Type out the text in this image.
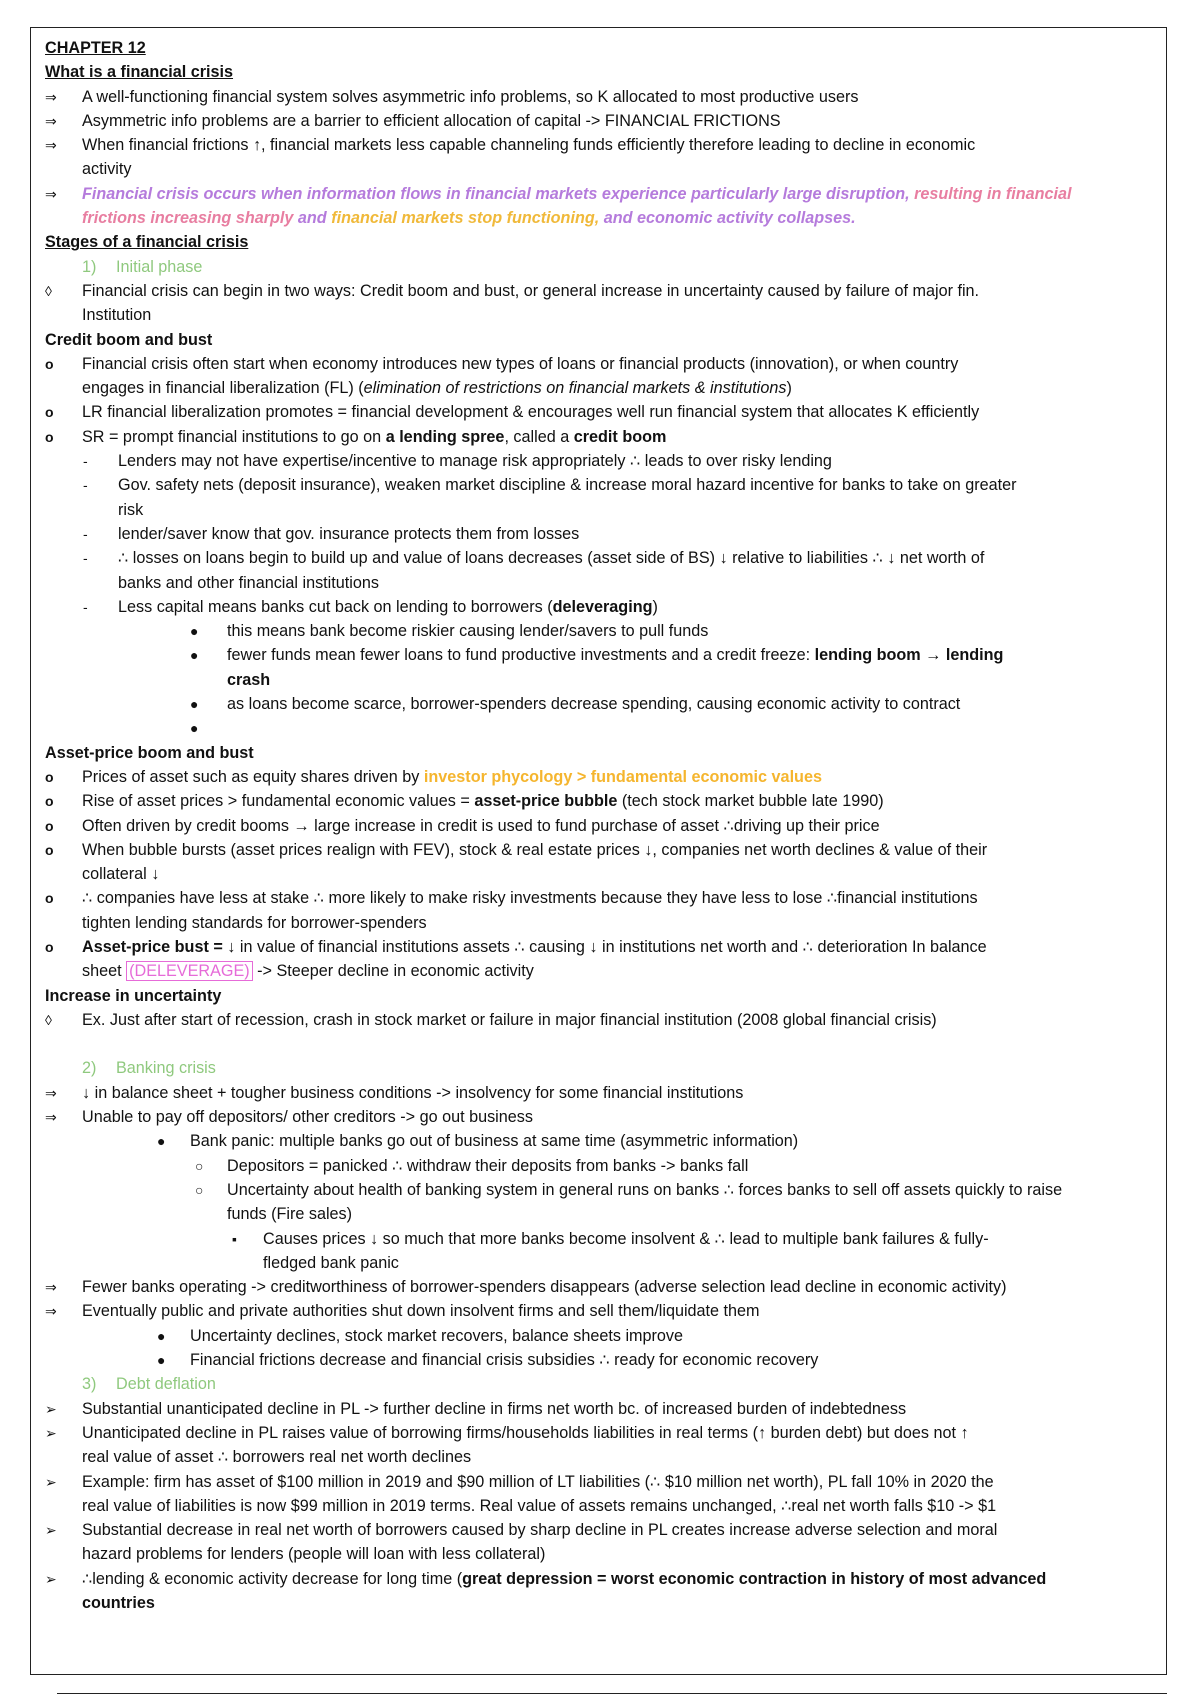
CHAPTER 12
What is a financial crisis
⇒	A well-functioning financial system solves asymmetric info problems, so K allocated to most productive users
⇒	Asymmetric info problems are a barrier to efficient allocation of capital -> FINANCIAL FRICTIONS
⇒	When financial frictions ↑, financial markets less capable channeling funds efficiently therefore leading to decline in economic
activity
⇒	Financial crisis occurs when information flows in financial markets experience particularly large disruption, resulting in financial
frictions increasing sharply and financial markets stop functioning, and economic activity collapses.
Stages of a financial crisis
1) Initial phase
◊	Financial crisis can begin in two ways: Credit boom and bust, or general increase in uncertainty caused by failure of major fin.
Institution
Credit boom and bust
o	Financial crisis often start when economy introduces new types of loans or financial products (innovation), or when country
engages in financial liberalization (FL) (elimination of restrictions on financial markets & institutions)
o	LR financial liberalization promotes = financial development & encourages well run financial system that allocates K efficiently
o	SR = prompt financial institutions to go on a lending spree, called a credit boom
-	Lenders may not have expertise/incentive to manage risk appropriately ∴ leads to over risky lending
-	Gov. safety nets (deposit insurance), weaken market discipline & increase moral hazard incentive for banks to take on greater
risk
-	lender/saver know that gov. insurance protects them from losses
-	∴ losses on loans begin to build up and value of loans decreases (asset side of BS) ↓ relative to liabilities ∴ ↓ net worth of
banks and other financial institutions
-	Less capital means banks cut back on lending to borrowers (deleveraging)
●	this means bank become riskier causing lender/savers to pull funds
●	fewer funds mean fewer loans to fund productive investments and a credit freeze: lending boom → lending
crash
●	as loans become scarce, borrower-spenders decrease spending, causing economic activity to contract
●

Asset-price boom and bust
o	Prices of asset such as equity shares driven by investor phycology > fundamental economic values
o	Rise of asset prices > fundamental economic values = asset-price bubble (tech stock market bubble late 1990)
o	Often driven by credit booms → large increase in credit is used to fund purchase of asset ∴driving up their price
o	When bubble bursts (asset prices realign with FEV), stock & real estate prices ↓, companies net worth declines & value of their
collateral ↓
o	∴ companies have less at stake ∴ more likely to make risky investments because they have less to lose ∴financial institutions
tighten lending standards for borrower-spenders
o	Asset-price bust = ↓ in value of financial institutions assets ∴ causing ↓ in institutions net worth and ∴ deterioration In balance
sheet (DELEVERAGE) -> Steeper decline in economic activity
Increase in uncertainty
◊	Ex. Just after start of recession, crash in stock market or failure in major financial institution (2008 global financial crisis)

2) Banking crisis
⇒	↓ in balance sheet + tougher business conditions -> insolvency for some financial institutions
⇒	Unable to pay off depositors/ other creditors -> go out business
●	Bank panic: multiple banks go out of business at same time (asymmetric information)
○	Depositors = panicked ∴ withdraw their deposits from banks -> banks fall
○	Uncertainty about health of banking system in general runs on banks ∴ forces banks to sell off assets quickly to raise
funds (Fire sales)
▪	Causes prices ↓ so much that more banks become insolvent & ∴ lead to multiple bank failures & fully-
fledged bank panic
⇒	Fewer banks operating -> creditworthiness of borrower-spenders disappears (adverse selection lead decline in economic activity)
⇒	Eventually public and private authorities shut down insolvent firms and sell them/liquidate them
●	Uncertainty declines, stock market recovers, balance sheets improve
●	Financial frictions decrease and financial crisis subsidies ∴ ready for economic recovery
3) Debt deflation
➢	Substantial unanticipated decline in PL -> further decline in firms net worth bc. of increased burden of indebtedness
➢	Unanticipated decline in PL raises value of borrowing firms/households liabilities in real terms (↑ burden debt) but does not ↑
real value of asset ∴ borrowers real net worth declines
➢	Example: firm has asset of $100 million in 2019 and $90 million of LT liabilities (∴ $10 million net worth), PL fall 10% in 2020 the
real value of liabilities is now $99 million in 2019 terms. Real value of assets remains unchanged, ∴real net worth falls $10 -> $1
➢	Substantial decrease in real net worth of borrowers caused by sharp decline in PL creates increase adverse selection and moral
hazard problems for lenders (people will loan with less collateral)
➢	∴lending & economic activity decrease for long time (great depression = worst economic contraction in history of most advanced
countries
